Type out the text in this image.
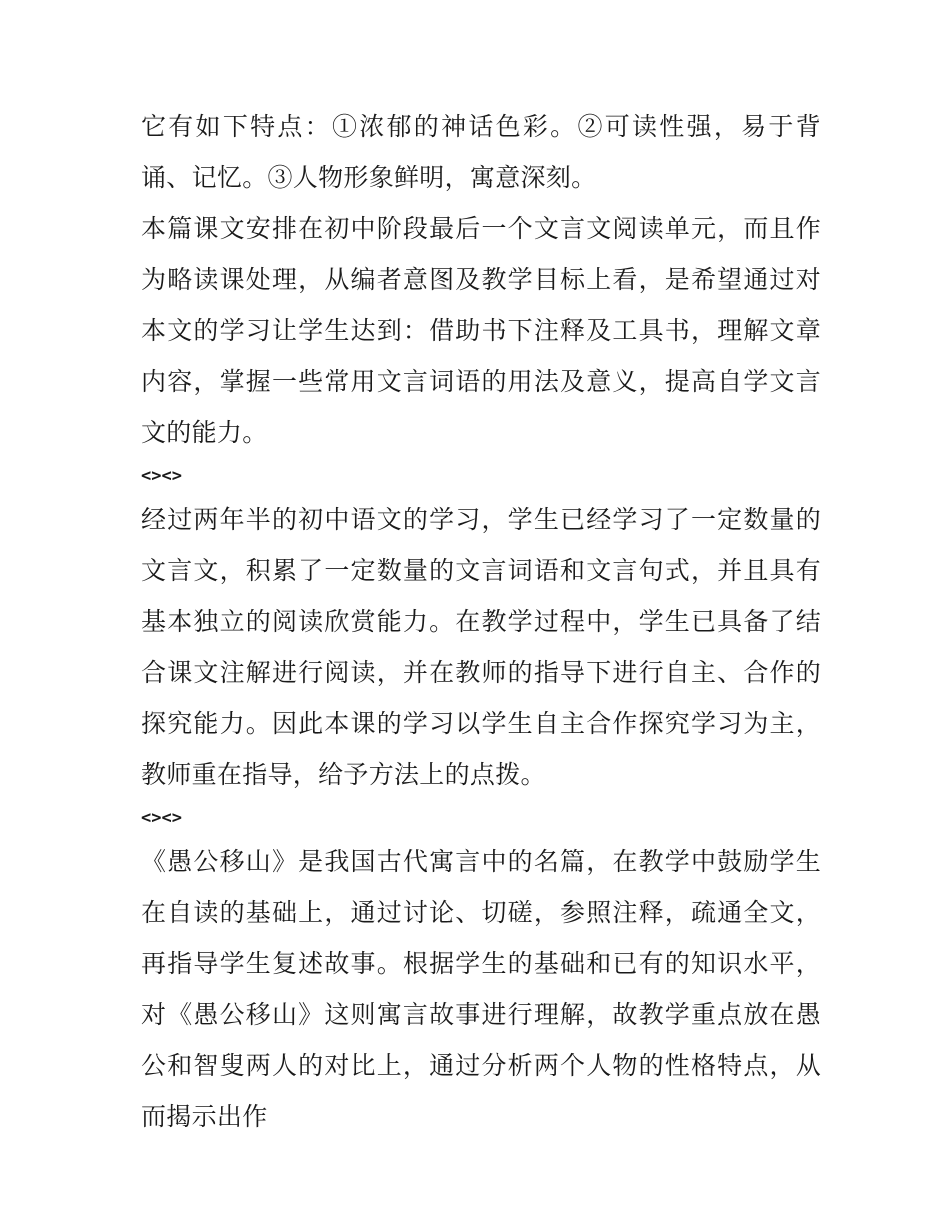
它有如下特点：①浓郁的神话色彩。②可读性强，易于背诵、记忆。③人物形象鲜明，寓意深刻。

本篇课文安排在初中阶段最后一个文言文阅读单元，而且作为略读课处理，从编者意图及教学目标上看，是希望通过对本文的学习让学生达到：借助书下注释及工具书，理解文章内容，掌握一些常用文言词语的用法及意义，提高自学文言文的能力。

<><>

经过两年半的初中语文的学习，学生已经学习了一定数量的文言文，积累了一定数量的文言词语和文言句式，并且具有基本独立的阅读欣赏能力。在教学过程中，学生已具备了结合课文注解进行阅读，并在教师的指导下进行自主、合作的探究能力。因此本课的学习以学生自主合作探究学习为主，教师重在指导，给予方法上的点拨。

<><>

《愚公移山》是我国古代寓言中的名篇，在教学中鼓励学生在自读的基础上，通过讨论、切磋，参照注释，疏通全文，再指导学生复述故事。根据学生的基础和已有的知识水平，对《愚公移山》这则寓言故事进行理解，故教学重点放在愚公和智叟两人的对比上，通过分析两个人物的性格特点，从而揭示出作
